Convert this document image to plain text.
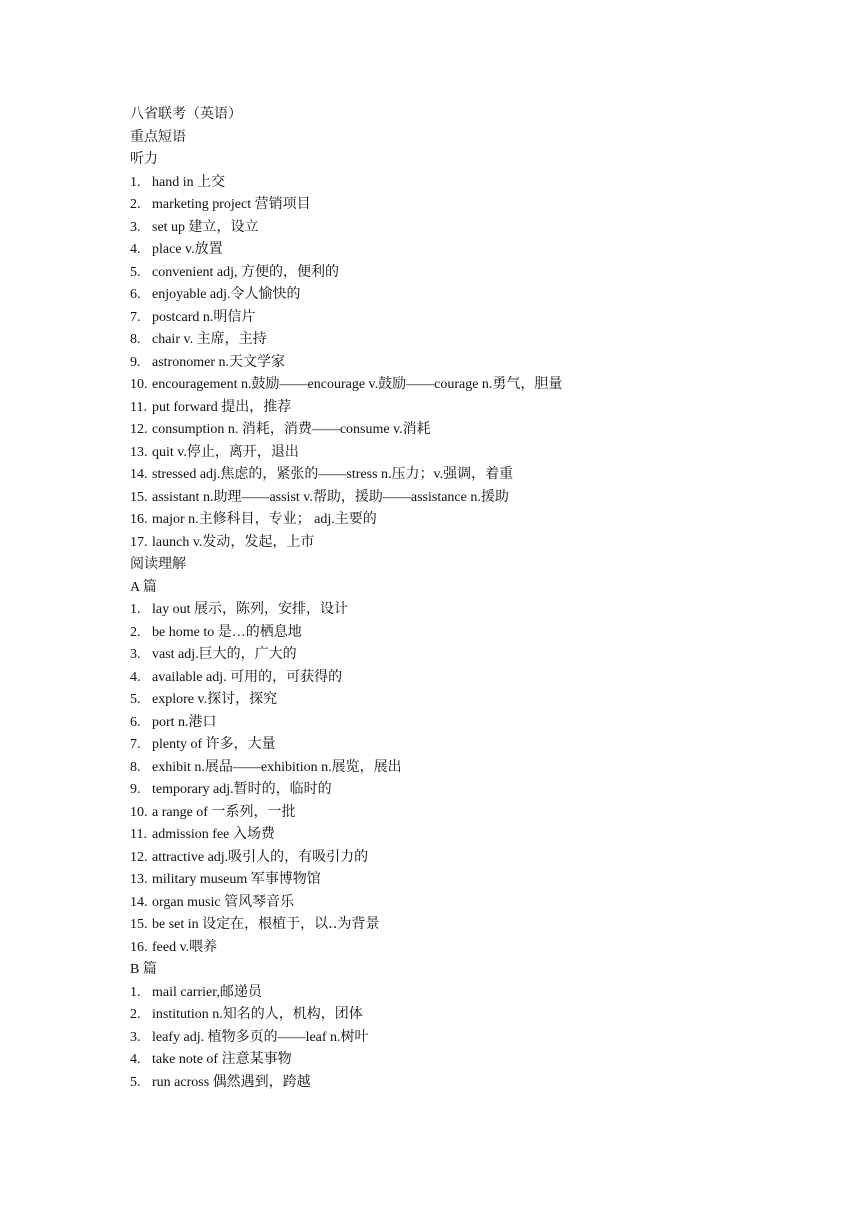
八省联考（英语）
重点短语
听力
1. hand in 上交
2. marketing project 营销项目
3. set up 建立，设立
4. place v.放置
5. convenient adj, 方便的，便利的
6. enjoyable adj.令人愉快的
7. postcard n.明信片
8. chair v. 主席，主持
9. astronomer n.天文学家
10. encouragement n.鼓励——encourage v.鼓励——courage n.勇气，胆量
11. put forward 提出，推荐
12. consumption n. 消耗，消费——consume v.消耗
13. quit v.停止，离开，退出
14. stressed adj.焦虑的，紧张的——stress n.压力；v.强调，着重
15. assistant n.助理——assist v.帮助，援助——assistance n.援助
16. major n.主修科目，专业； adj.主要的
17. launch v.发动，发起，上市
阅读理解
A 篇
1. lay out 展示，陈列，安排，设计
2. be home to 是…的栖息地
3. vast adj.巨大的，广大的
4. available adj. 可用的，可获得的
5. explore v.探讨，探究
6. port n.港口
7. plenty of 许多，大量
8. exhibit n.展品——exhibition n.展览，展出
9. temporary adj.暂时的，临时的
10. a range of 一系列，一批
11. admission fee 入场费
12. attractive adj.吸引人的，有吸引力的
13. military museum 军事博物馆
14. organ music 管风琴音乐
15. be set in 设定在，根植于，以‥为背景
16. feed v.喂养
B 篇
1. mail carrier,邮递员
2. institution n.知名的人，机构，团体
3. leafy adj. 植物多页的——leaf n.树叶
4. take note of 注意某事物
5. run across 偶然遇到，跨越
